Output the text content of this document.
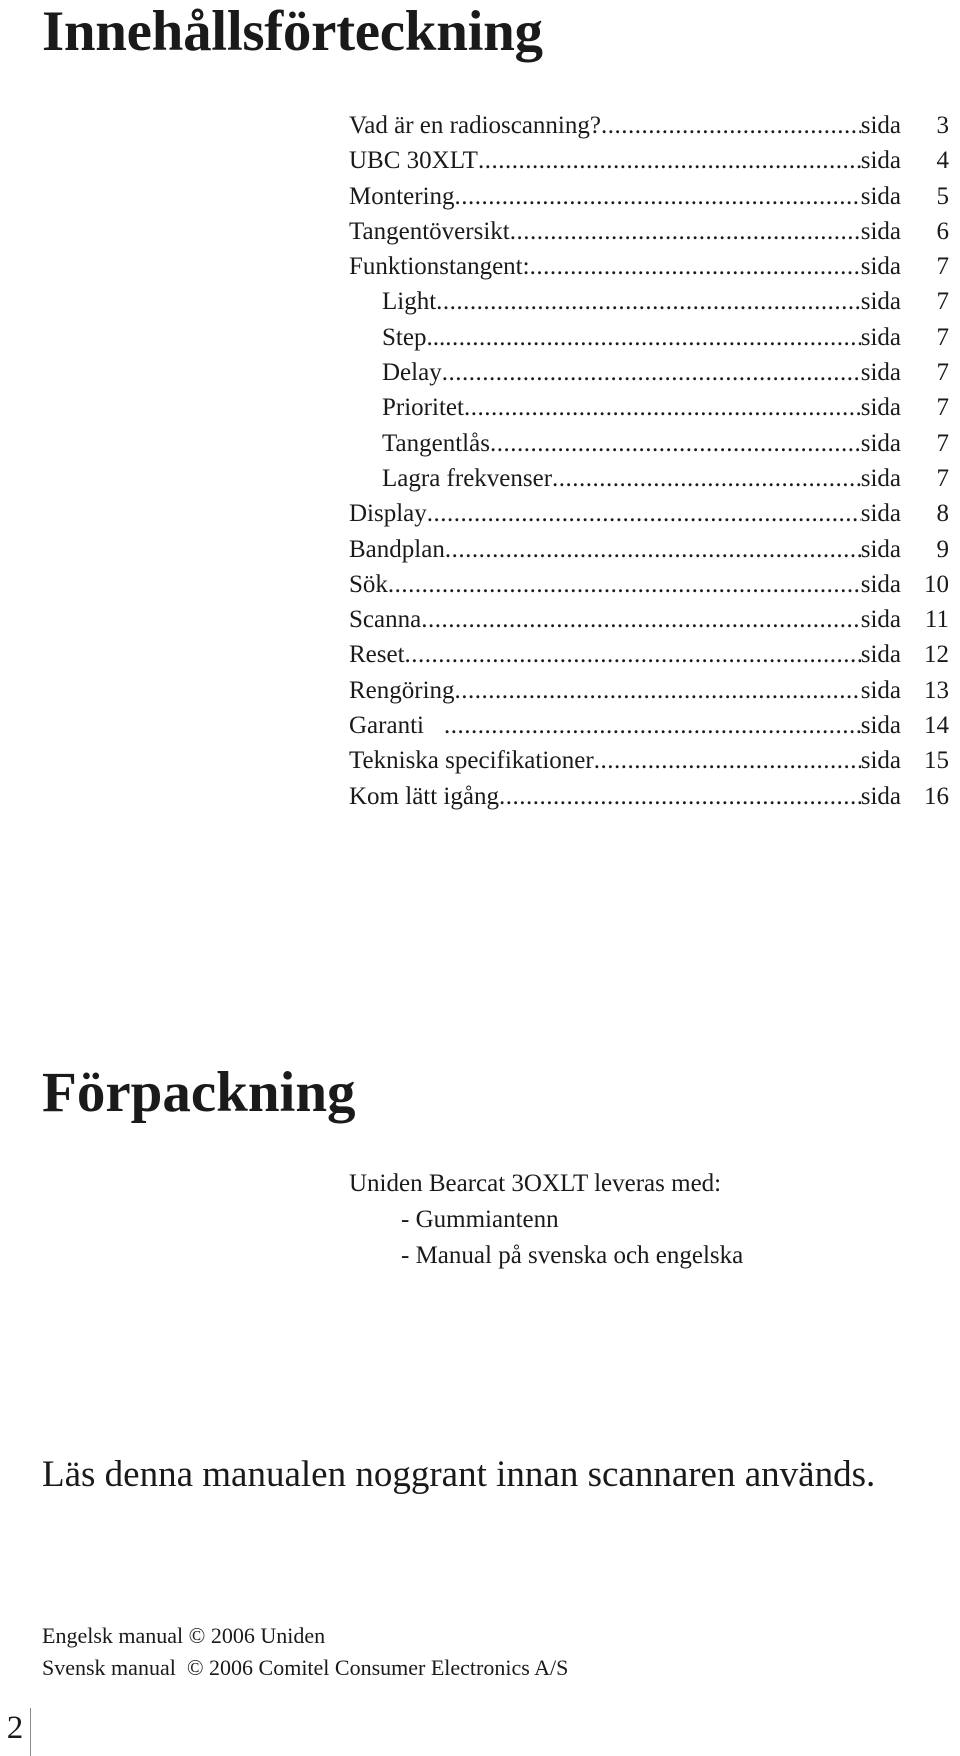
Innehållsförteckning
Vad är en radioscanning? .....	sida	3
UBC 30XLT .....	sida	4
Montering .....	sida	5
Tangentöversikt .....	sida	6
Funktionstangent: .....	sida	7
Light .....	sida	7
Step... .....	sida	7
Delay .....	sida	7
Prioritet .....	sida	7
Tangentlås .....	sida	7
Lagra frekvenser .....	sida	7
Display .....	sida	8
Bandplan .....	sida	9
Sök .....	sida 10
Scanna .....	sida 11
Reset .....	sida 12
Rengöring .....	sida 13
Garanti .....	sida 14
Tekniska specifikationer .....	sida 15
Kom lätt igång .....	sida 16
Förpackning
Uniden Bearcat 3OXLT leveras med:
- Gummiantenn
- Manual på svenska och engelska

Läs denna manualen noggrant innan scannaren används.

Engelsk manual © 2006 Uniden
Svensk manual  © 2006 Comitel Consumer Electronics A/S
2
